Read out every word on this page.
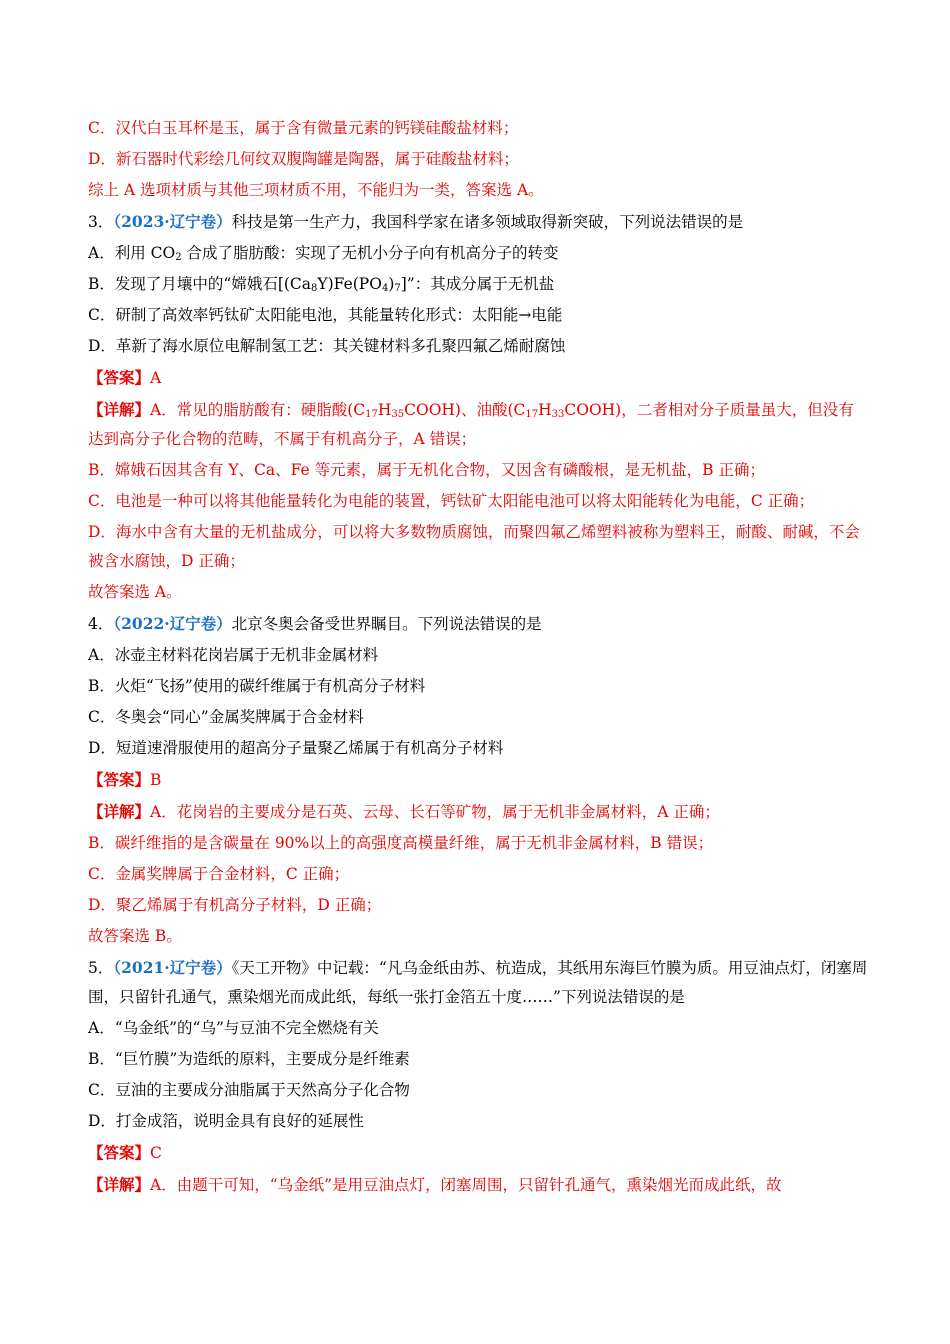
C．汉代白玉耳杯是玉，属于含有微量元素的钙镁硅酸盐材料；
D．新石器时代彩绘几何纹双腹陶罐是陶器，属于硅酸盐材料；
综上 A 选项材质与其他三项材质不用，不能归为一类，答案选 A。
3．（2023·辽宁卷）科技是第一生产力，我国科学家在诸多领域取得新突破，下列说法错误的是
A．利用 $CO_2$ 合成了脂肪酸：实现了无机小分子向有机高分子的转变
B．发现了月壤中的“嫦娥石$[(Ca_8Y)Fe(PO_4)_7]$”：其成分属于无机盐
C．研制了高效率钙钛矿太阳能电池，其能量转化形式：太阳能→电能
D．革新了海水原位电解制氢工艺：其关键材料多孔聚四氟乙烯耐腐蚀
【答案】A
【详解】A．常见的脂肪酸有：硬脂酸$(C_{17}H_{35}COOH)$、油酸$(C_{17}H_{33}COOH)$，二者相对分子质量虽大，但没有达到高分子化合物的范畴，不属于有机高分子，A 错误；
B．嫦娥石因其含有 Y、Ca、Fe 等元素，属于无机化合物，又因含有磷酸根，是无机盐，B 正确；
C．电池是一种可以将其他能量转化为电能的装置，钙钛矿太阳能电池可以将太阳能转化为电能，C 正确；
D．海水中含有大量的无机盐成分，可以将大多数物质腐蚀，而聚四氟乙烯塑料被称为塑料王，耐酸、耐碱，不会被含水腐蚀，D 正确；
故答案选 A。
4．（2022·辽宁卷）北京冬奥会备受世界瞩目。下列说法错误的是
A．冰壶主材料花岗岩属于无机非金属材料
B．火炬“飞扬”使用的碳纤维属于有机高分子材料
C．冬奥会“同心”金属奖牌属于合金材料
D．短道速滑服使用的超高分子量聚乙烯属于有机高分子材料
【答案】B
【详解】A．花岗岩的主要成分是石英、云母、长石等矿物，属于无机非金属材料，A 正确；
B．碳纤维指的是含碳量在 90%以上的高强度高模量纤维，属于无机非金属材料，B 错误；
C．金属奖牌属于合金材料，C 正确；
D．聚乙烯属于有机高分子材料，D 正确；
故答案选 B。
5．（2021·辽宁卷）《天工开物》中记载：“凡乌金纸由苏、杭造成，其纸用东海巨竹膜为质。用豆油点灯，闭塞周围，只留针孔通气，熏染烟光而成此纸，每纸一张打金箔五十度……”下列说法错误的是
A．“乌金纸”的“乌”与豆油不完全燃烧有关
B．“巨竹膜”为造纸的原料，主要成分是纤维素
C．豆油的主要成分油脂属于天然高分子化合物
D．打金成箔，说明金具有良好的延展性
【答案】C
【详解】A．由题干可知，“乌金纸”是用豆油点灯，闭塞周围，只留针孔通气，熏染烟光而成此纸，故
